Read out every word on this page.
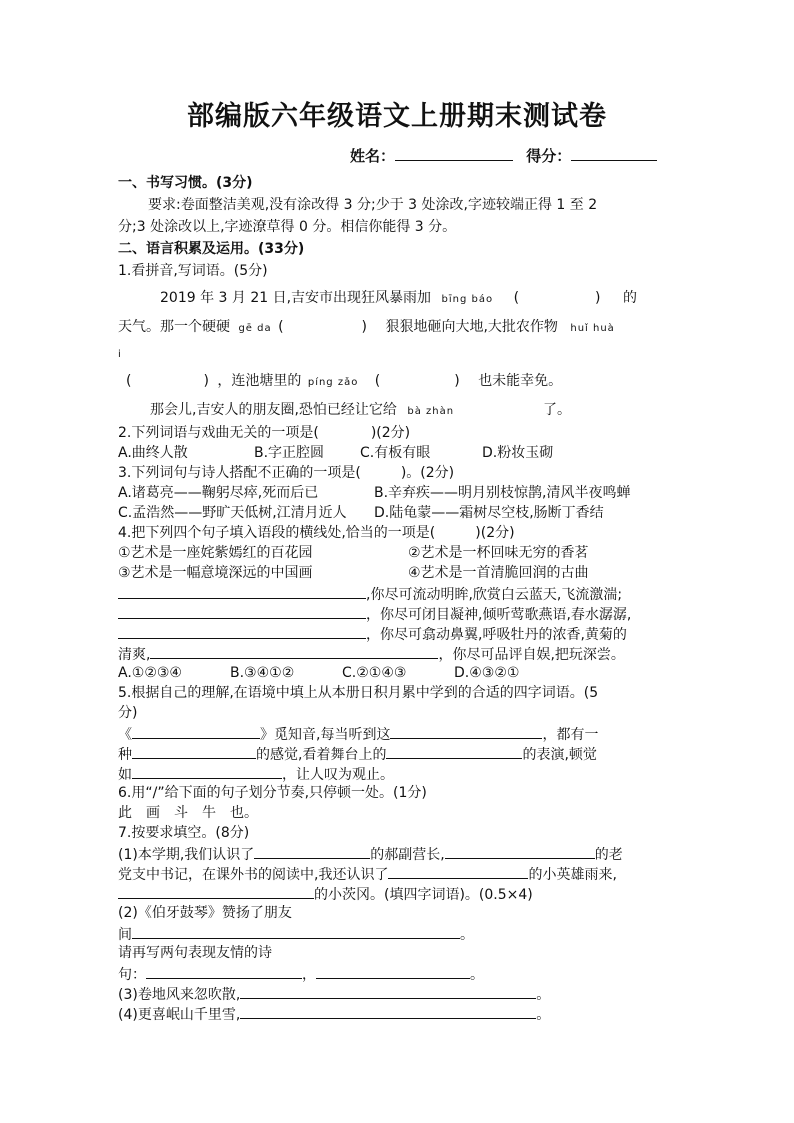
部编版六年级语文上册期末测试卷
姓名：	得分：
一、书写习惯。(3分)
要求:卷面整洁美观,没有涂改得 3 分;少于 3 处涂改,字迹较端正得 1 至 2
分;3 处涂改以上,字迹潦草得 0 分。相信你能得 3 分。
二、语言积累及运用。(33分)
1.看拼音,写词语。(5分)
2019 年 3 月 21 日,吉安市出现狂风暴雨加 bīng báo (	) 的
天气。那一个硬硬 gē da (	) 狠狠地砸向大地,大批农作物 huǐ huà
i
(	) ，连池塘里的 píng zǎo (	) 也未能幸免。
那会儿,吉安人的朋友圈,恐怕已经让它给 bà zhàn	了。
2.下列词语与戏曲无关的一项是(	)(2分)
A.曲终人散	B.字正腔圆	C.有板有眼	D.粉妆玉砌
3.下列词句与诗人搭配不正确的一项是(	)。(2分)
A.诸葛亮——鞠躬尽瘁,死而后已	B.辛弃疾——明月别枝惊鹊,清风半夜鸣蝉
C.孟浩然——野旷天低树,江清月近人 D.陆龟蒙——霜树尽空枝,肠断丁香结
4.把下列四个句子填入语段的横线处,恰当的一项是(	)(2分)
①艺术是一座姹紫嫣红的百花园	②艺术是一杯回味无穷的香茗
③艺术是一幅意境深远的中国画	④艺术是一首清脆回润的古曲
,你尽可流动明眸,欣赏白云蓝天,飞流激湍;
，你尽可闭目凝神,倾听莺歌燕语,春水潺潺,
，你尽可翕动鼻翼,呼吸牡丹的浓香,黄菊的
清爽,	，你尽可品评自娱,把玩深尝。
A.①②③④	B.③④①②	C.②①④③	D.④③②①
5.根据自己的理解,在语境中填上从本册日积月累中学到的合适的四字词语。(5
分)
《	》觅知音,每当听到这	，都有一
种	的感觉,看着舞台上的	的表演,顿觉
如	，让人叹为观止。
6.用“/”给下面的句子划分节奏,只停顿一处。(1分)
此　画　斗　牛　也。
7.按要求填空。(8分)
(1)本学期,我们认识了	的郝副营长,	的老
党支中书记，在课外书的阅读中,我还认识了	的小英雄雨来,
的小茨冈。(填四字词语)。(0.5×4)
(2)《伯牙鼓琴》赞扬了朋友
间	。
请再写两句表现友情的诗
句：	，	。
(3)卷地风来忽吹散,	。
(4)更喜岷山千里雪,	。
